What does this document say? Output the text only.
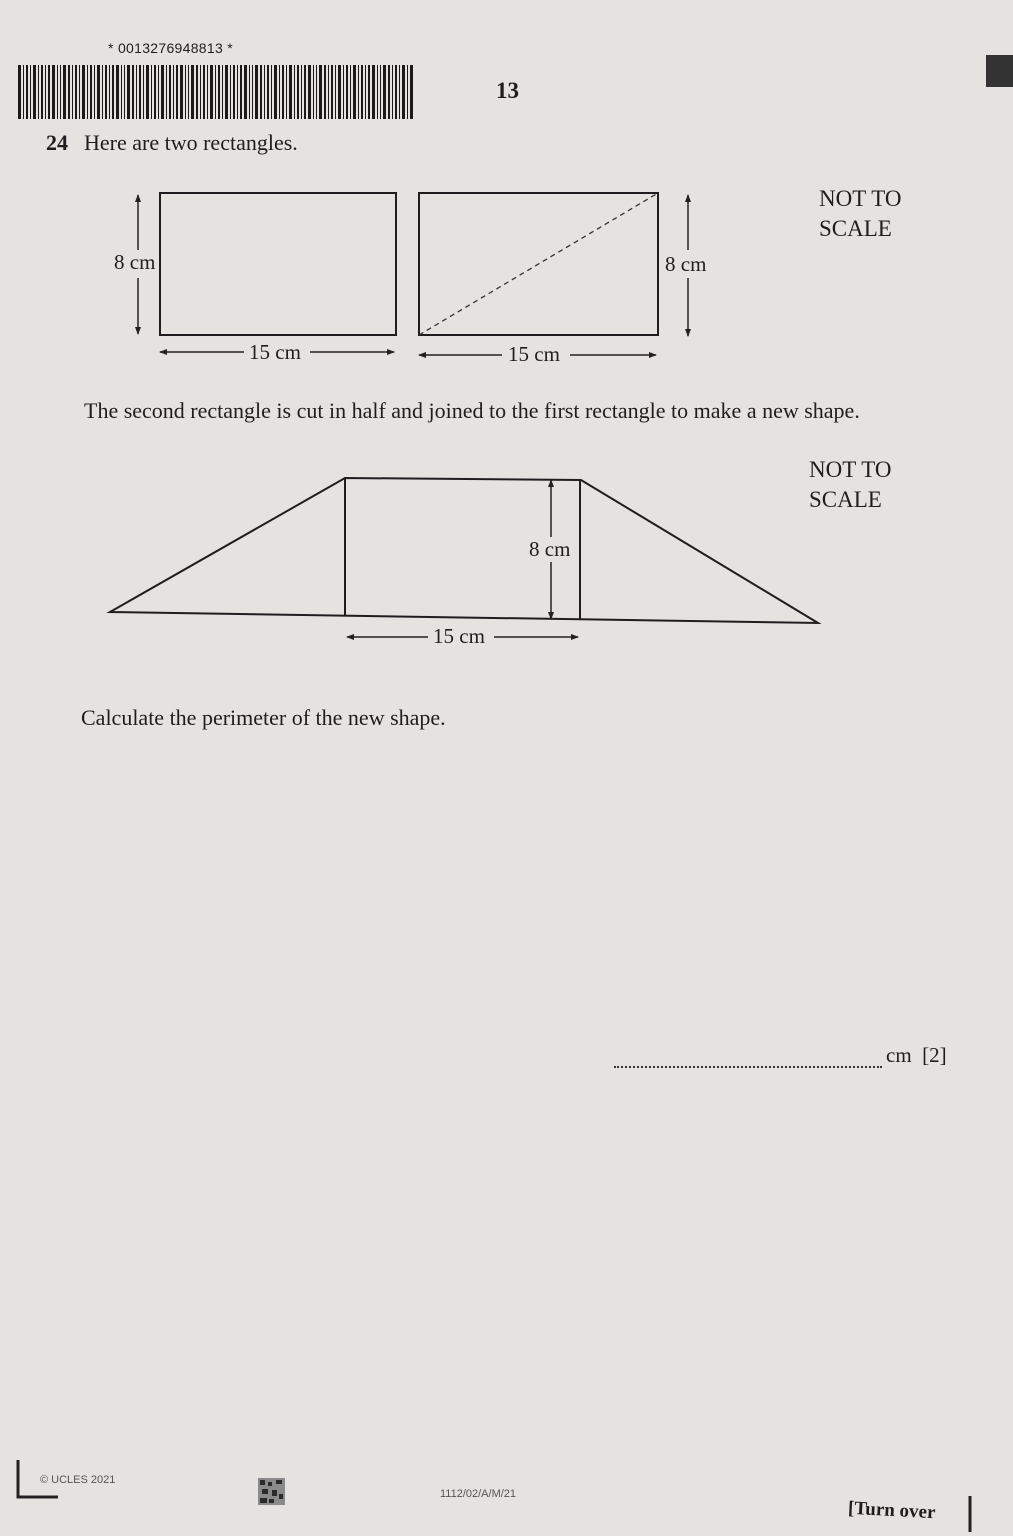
* 0013276948813 *
13
24 Here are two rectangles.
NOT TO
SCALE
8 cm
15 cm
8 cm
15 cm
The second rectangle is cut in half and joined to the first rectangle to make a new shape.
NOT TO
SCALE
8 cm
15 cm
Calculate the perimeter of the new shape.
cm [2]
© UCLES 2021
1112/02/A/M/21
[Turn over
